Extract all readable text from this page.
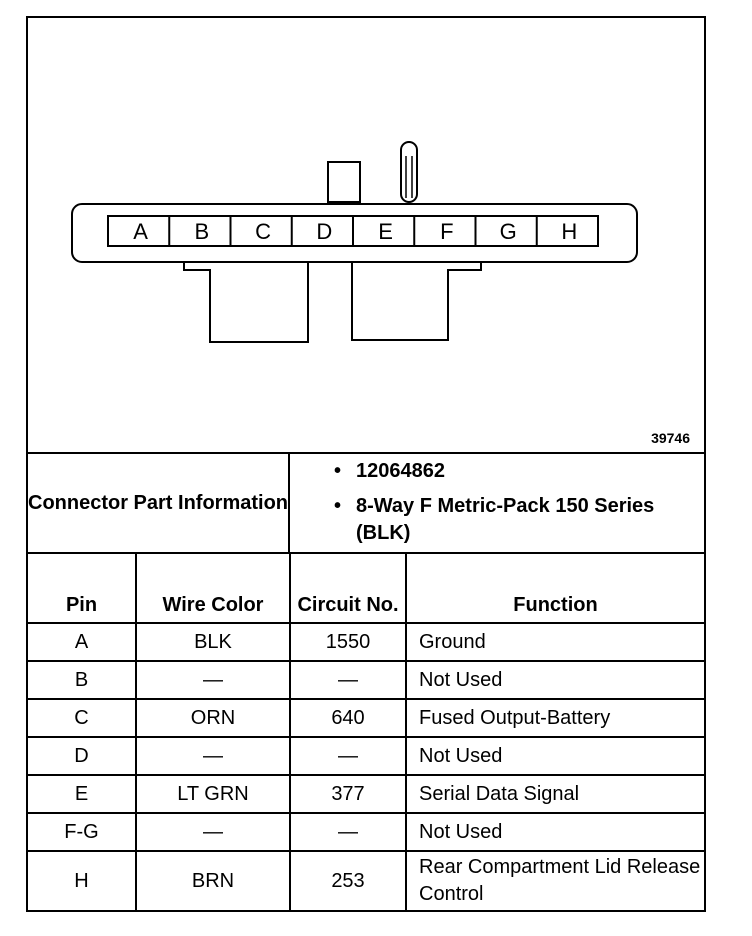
A B C D E F G H
39746
Connector Part Information
• 12064862
• 8-Way F Metric-Pack 150 Series (BLK)
Pin	Wire Color	Circuit No.	Function
A	BLK	1550	Ground
B	—	—	Not Used
C	ORN	640	Fused Output-Battery
D	—	—	Not Used
E	LT GRN	377	Serial Data Signal
F-G	—	—	Not Used
H	BRN	253	Rear Compartment Lid Release Control
